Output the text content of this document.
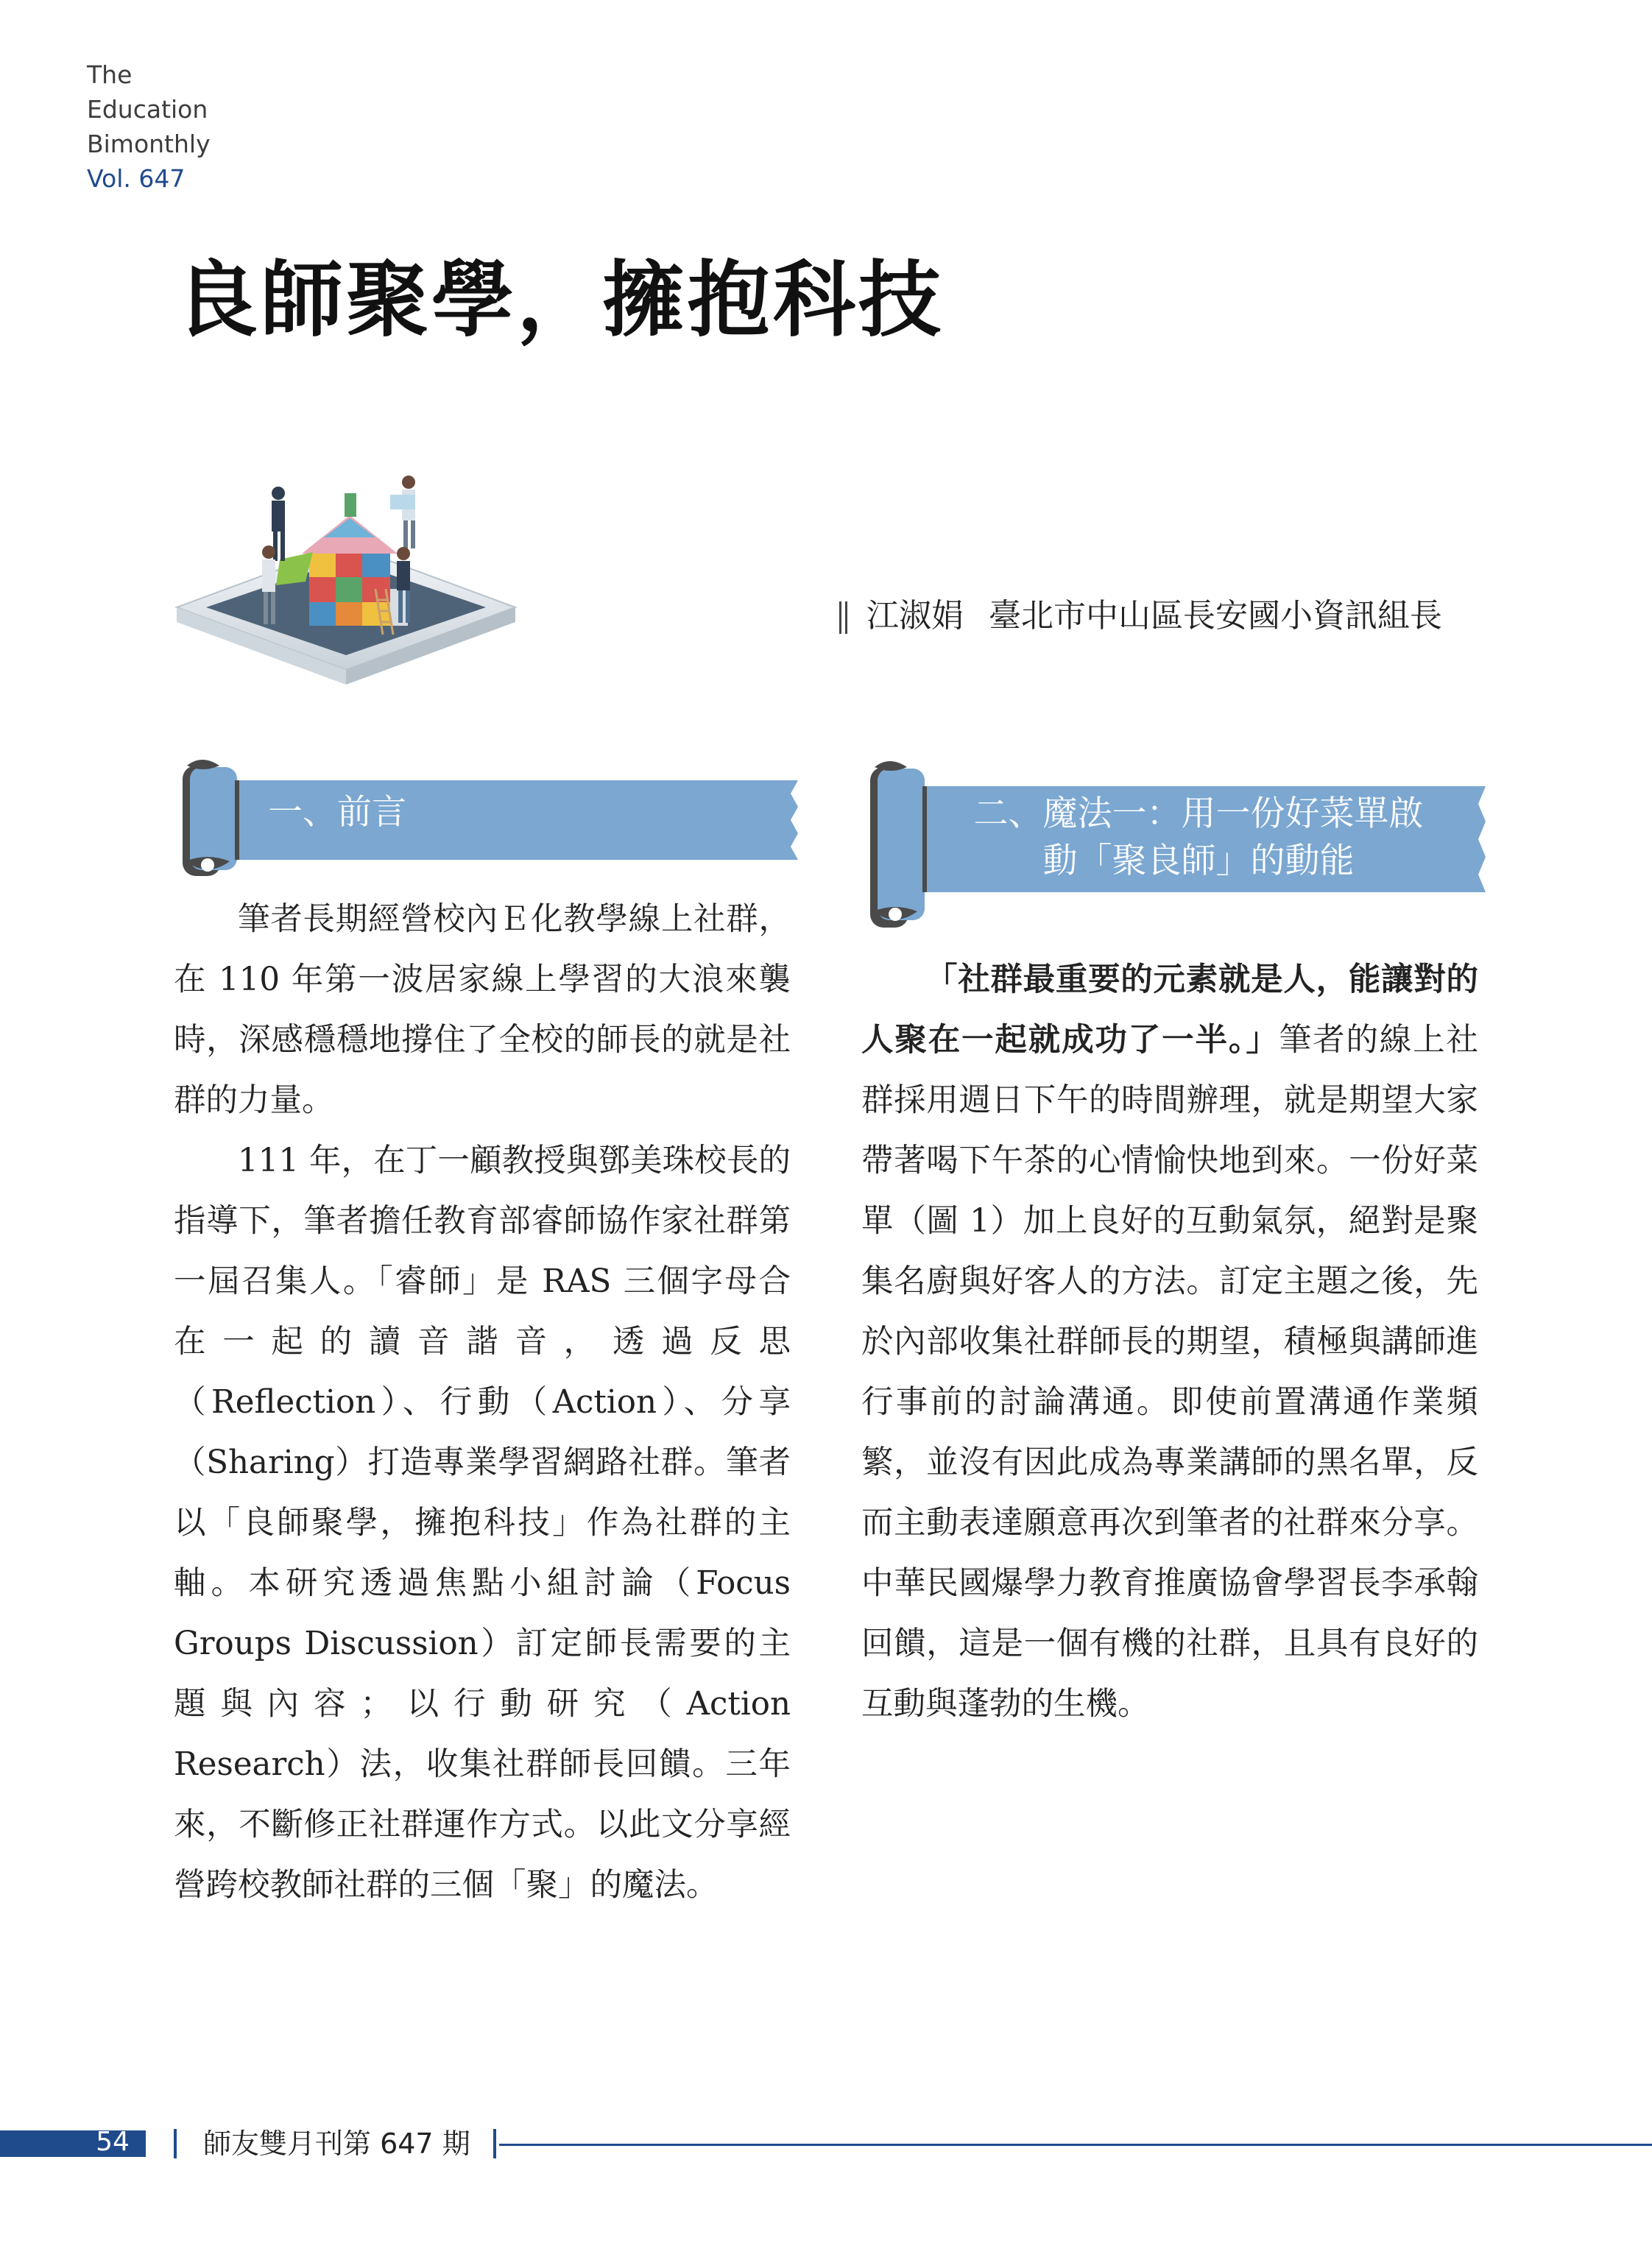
The
Education
Bimonthly
Vol. 647
良師聚學，擁抱科技
江淑娟 臺北市中山區長安國小資訊組長
一、前言

筆者長期經營校內Ｅ化教學線上社群，在 110 年第一波居家線上學習的大浪來襲時，深感穩穩地撐住了全校的師長的就是社群的力量。

111 年，在丁一顧教授與鄧美珠校長的指導下，筆者擔任教育部睿師協作家社群第一屆召集人。「睿師」是 RAS 三個字母合在一起的讀音諧音，透過反思（Reflection）、行動（Action）、分享（Sharing）打造專業學習網路社群。筆者以「良師聚學，擁抱科技」作為社群的主軸。本研究透過焦點小組討論（Focus Groups Discussion）訂定師長需要的主題與內容；以行動研究（Action Research）法，收集社群師長回饋。三年來，不斷修正社群運作方式。以此文分享經營跨校教師社群的三個「聚」的魔法。

二、魔法一：用一份好菜單啟
動「聚良師」的動能

「社群最重要的元素就是人，能讓對的人聚在一起就成功了一半。」筆者的線上社群採用週日下午的時間辦理，就是期望大家帶著喝下午茶的心情愉快地到來。一份好菜單（圖 1）加上良好的互動氣氛，絕對是聚集名廚與好客人的方法。訂定主題之後，先於內部收集社群師長的期望，積極與講師進行事前的討論溝通。即使前置溝通作業頻繁，並沒有因此成為專業講師的黑名單，反而主動表達願意再次到筆者的社群來分享。中華民國爆學力教育推廣協會學習長李承翰回饋，這是一個有機的社群，且具有良好的互動與蓬勃的生機。

54	師友雙月刊第 647 期
